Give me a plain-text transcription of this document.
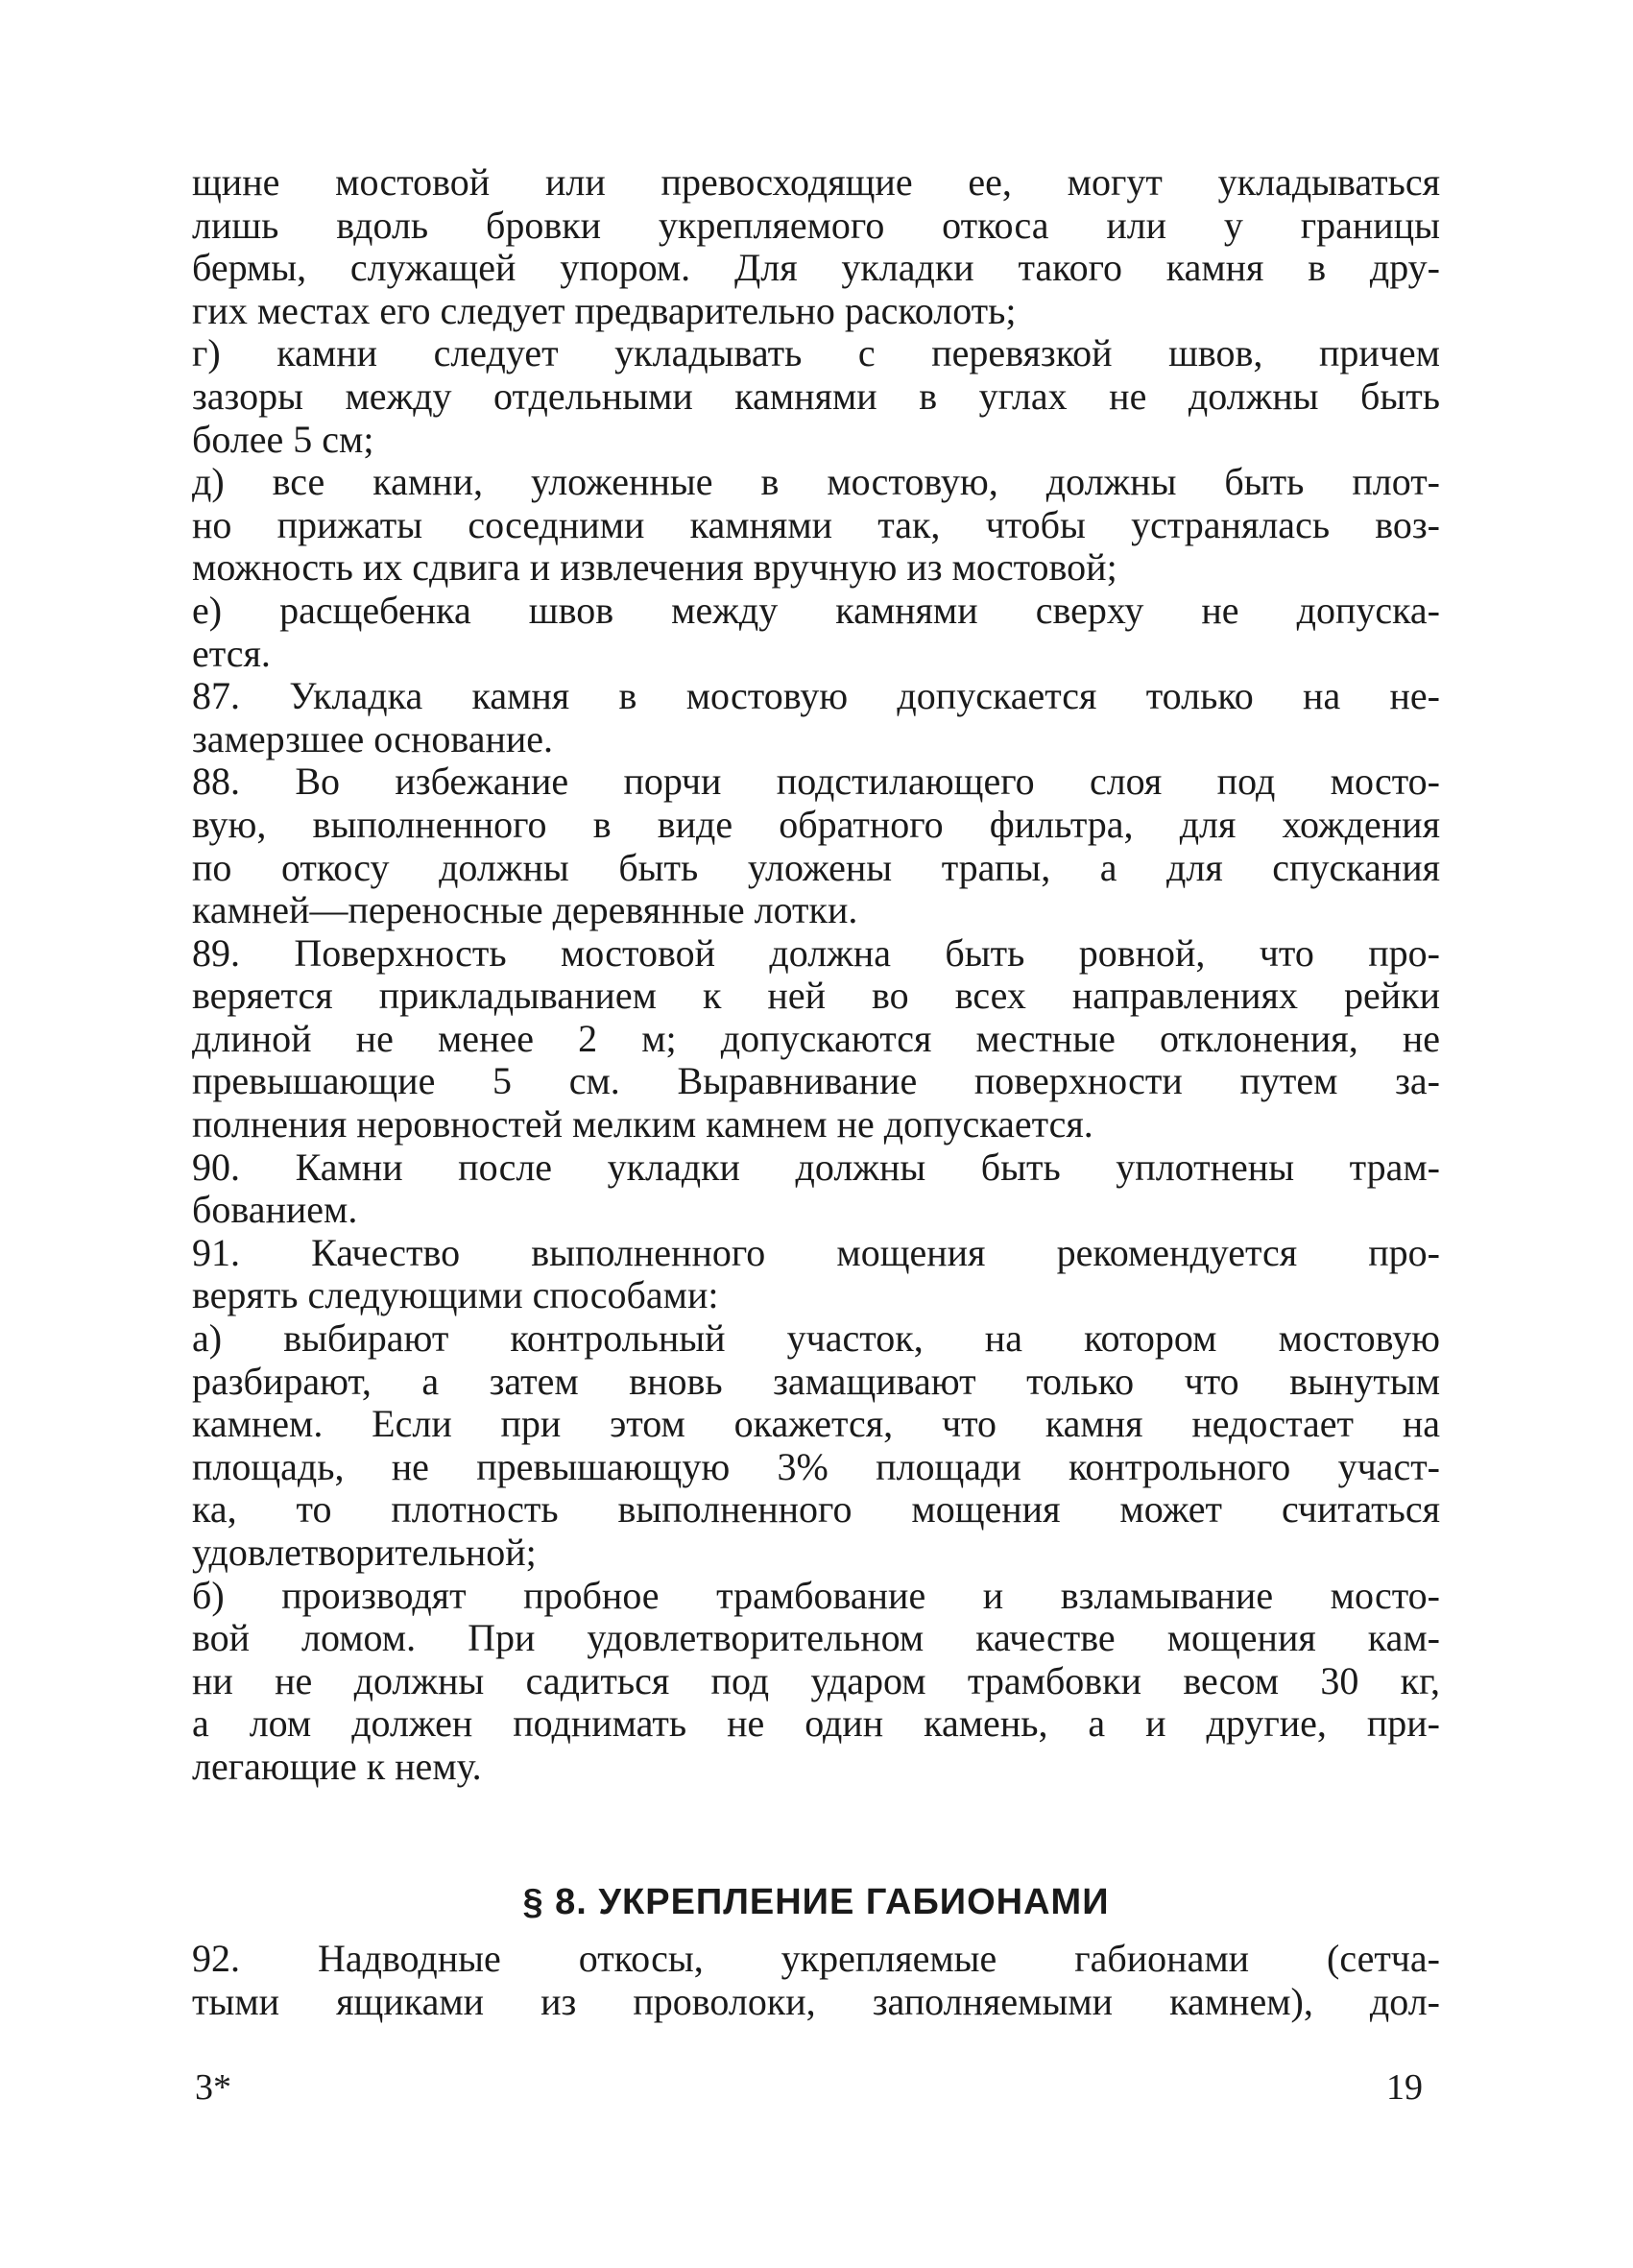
щине мостовой или превосходящие ее, могут укладываться
лишь вдоль бровки укрепляемого откоса или у границы
бермы, служащей упором. Для укладки такого камня в дру-
гих местах его следует предварительно расколоть;
г) камни следует укладывать с перевязкой швов, причем
зазоры между отдельными камнями в углах не должны быть
более 5 см;
д) все камни, уложенные в мостовую, должны быть плот-
но прижаты соседними камнями так, чтобы устранялась воз-
можность их сдвига и извлечения вручную из мостовой;
е) расщебенка швов между камнями сверху не допуска-
ется.
87. Укладка камня в мостовую допускается только на не-
замерзшее основание.
88. Во избежание порчи подстилающего слоя под мосто-
вую, выполненного в виде обратного фильтра, для хождения
по откосу должны быть уложены трапы, а для спускания
камней—переносные деревянные лотки.
89. Поверхность мостовой должна быть ровной, что про-
веряется прикладыванием к ней во всех направлениях рейки
длиной не менее 2 м; допускаются местные отклонения, не
превышающие 5 см. Выравнивание поверхности путем за-
полнения неровностей мелким камнем не допускается.
90. Камни после укладки должны быть уплотнены трам-
бованием.
91. Качество выполненного мощения рекомендуется про-
верять следующими способами:
а) выбирают контрольный участок, на котором мостовую
разбирают, а затем вновь замащивают только что вынутым
камнем. Если при этом окажется, что камня недостает на
площадь, не превышающую 3% площади контрольного участ-
ка, то плотность выполненного мощения может считаться
удовлетворительной;
б) производят пробное трамбование и взламывание мосто-
вой ломом. При удовлетворительном качестве мощения кам-
ни не должны садиться под ударом трамбовки весом 30 кг,
а лом должен поднимать не один камень, а и другие, при-
легающие к нему.
§ 8. УКРЕПЛЕНИЕ ГАБИОНАМИ
92. Надводные откосы, укрепляемые габионами (сетча-
тыми ящиками из проволоки, заполняемыми камнем), дол-
3*	19
